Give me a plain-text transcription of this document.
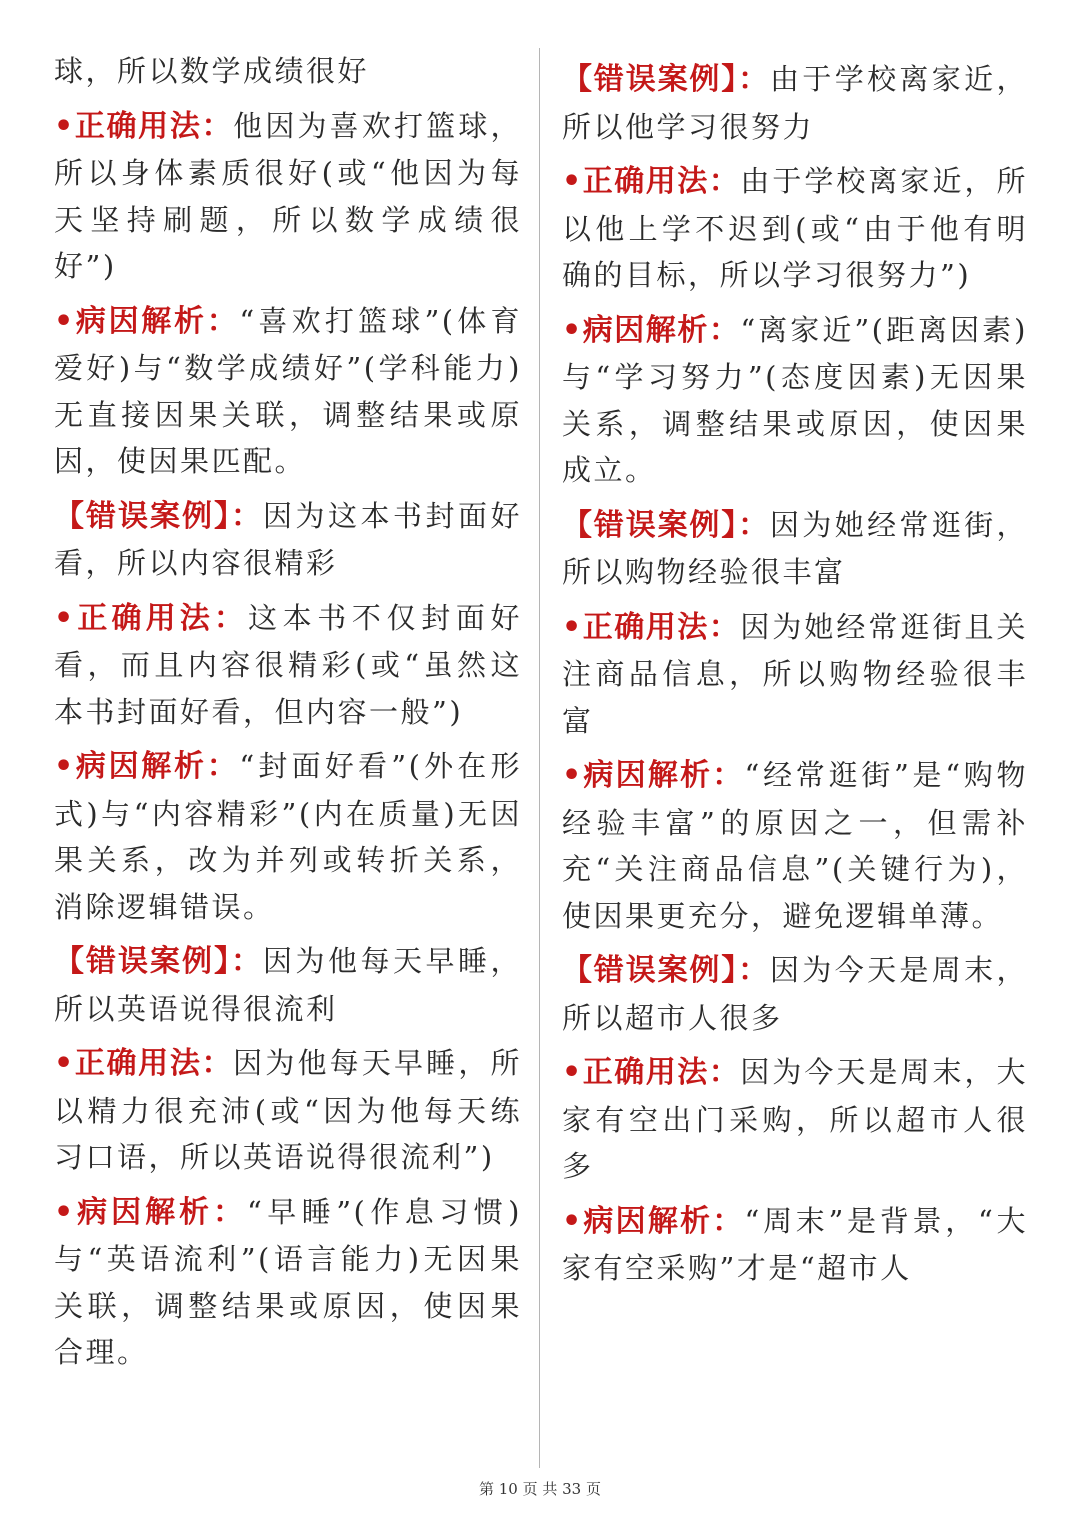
球，所以数学成绩很好
•正确用法：他因为喜欢打篮球，所以身体素质很好(或“他因为每天坚持刷题，所以数学成绩很好”)
•病因解析：“喜欢打篮球”(体育爱好)与“数学成绩好”(学科能力)无直接因果关联，调整结果或原因，使因果匹配。
【错误案例】：因为这本书封面好看，所以内容很精彩
•正确用法：这本书不仅封面好看，而且内容很精彩(或“虽然这本书封面好看，但内容一般”)
•病因解析：“封面好看”(外在形式)与“内容精彩”(内在质量)无因果关系，改为并列或转折关系，消除逻辑错误。
【错误案例】：因为他每天早睡，所以英语说得很流利
•正确用法：因为他每天早睡，所以精力很充沛(或“因为他每天练习口语，所以英语说得很流利”)
•病因解析：“早睡”(作息习惯)与“英语流利”(语言能力)无因果关联，调整结果或原因，使因果合理。
【错误案例】：由于学校离家近，所以他学习很努力
•正确用法：由于学校离家近，所以他上学不迟到(或“由于他有明确的目标，所以学习很努力”)
•病因解析：“离家近”(距离因素)与“学习努力”(态度因素)无因果关系，调整结果或原因，使因果成立。
【错误案例】：因为她经常逛街，所以购物经验很丰富
•正确用法：因为她经常逛街且关注商品信息，所以购物经验很丰富
•病因解析：“经常逛街”是“购物经验丰富”的原因之一，但需补充“关注商品信息”(关键行为)，使因果更充分，避免逻辑单薄。
【错误案例】：因为今天是周末，所以超市人很多
•正确用法：因为今天是周末，大家有空出门采购，所以超市人很多
•病因解析：“周末”是背景，“大家有空采购”才是“超市人
第 10 页 共 33 页
